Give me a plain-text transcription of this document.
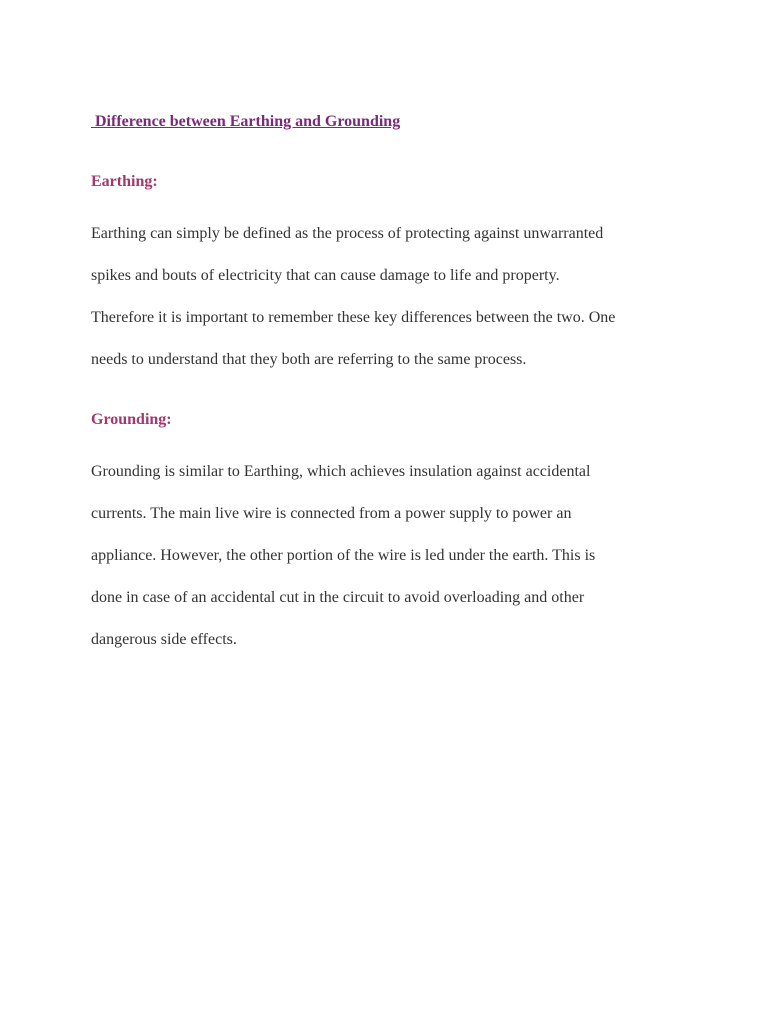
Difference between Earthing and Grounding
Earthing:

Earthing can simply be defined as the process of protecting against unwarranted

spikes and bouts of electricity that can cause damage to life and property.

Therefore it is important to remember these key differences between the two. One

needs to understand that they both are referring to the same process.

Grounding:

Grounding is similar to Earthing, which achieves insulation against accidental

currents. The main live wire is connected from a power supply to power an

appliance. However, the other portion of the wire is led under the earth. This is

done in case of an accidental cut in the circuit to avoid overloading and other

dangerous side effects.
